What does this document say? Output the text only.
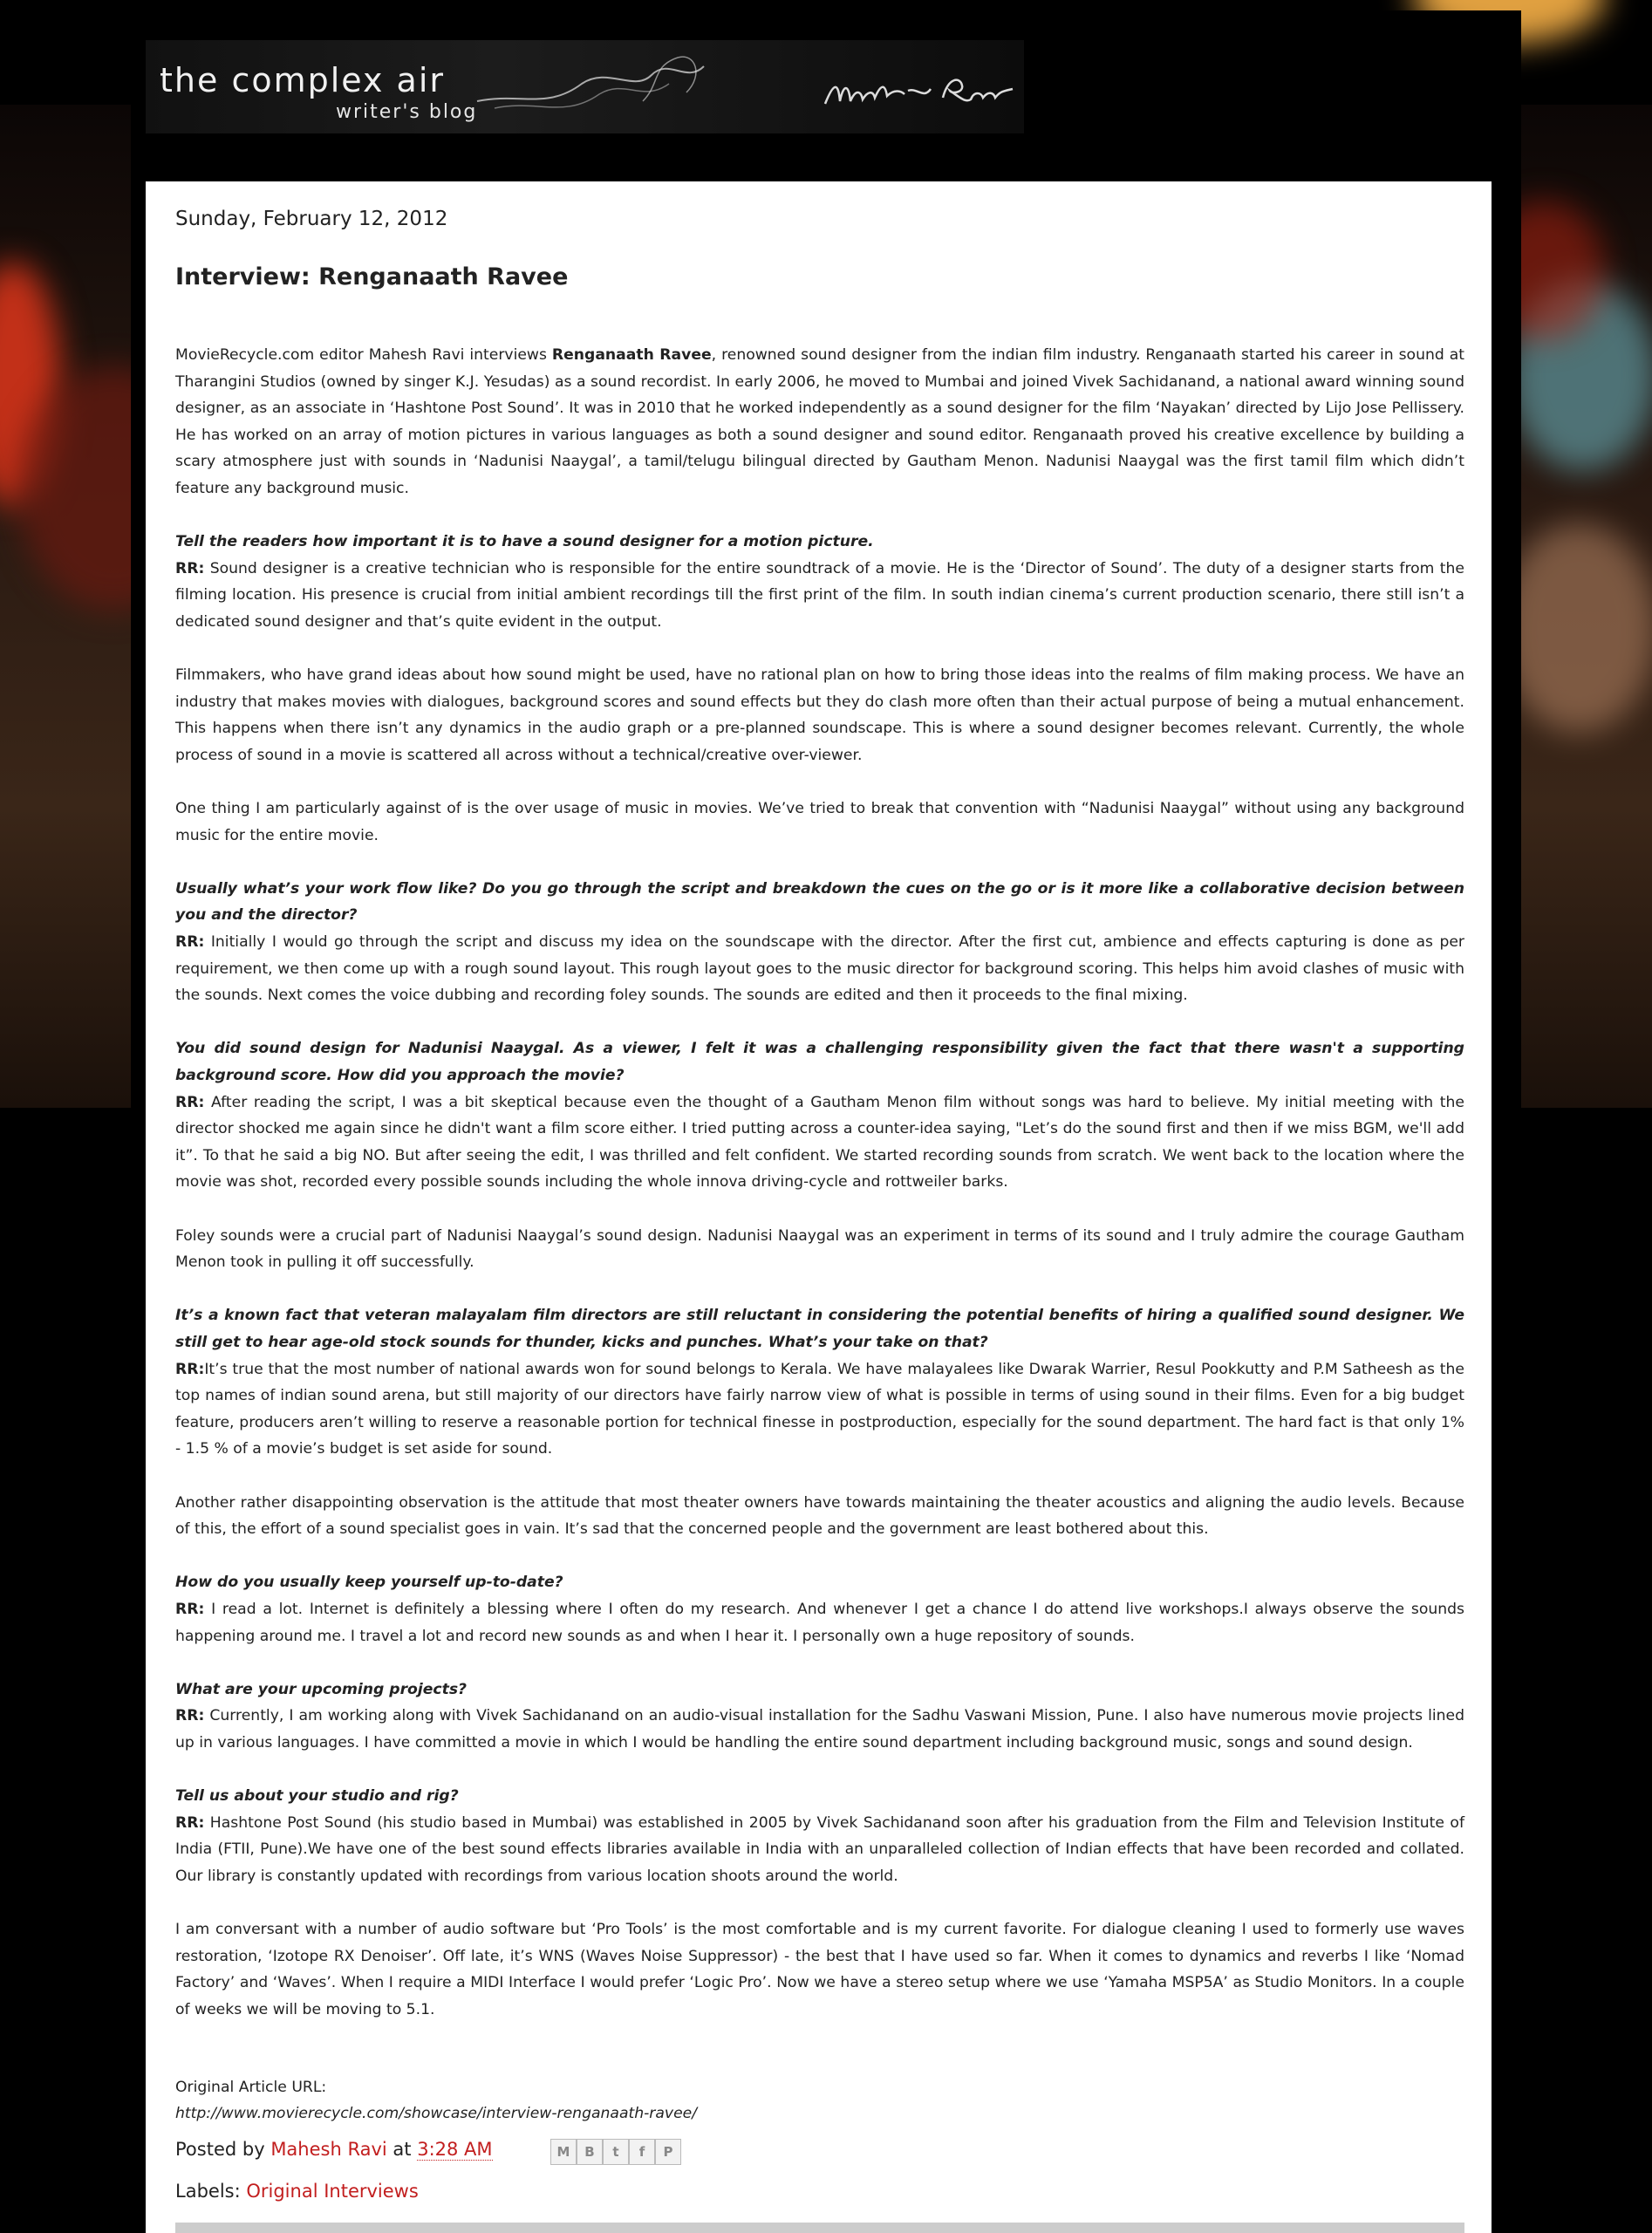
the complex air
writer's blog
Sunday, February 12, 2012
Interview: Renganaath Ravee

MovieRecycle.com editor Mahesh Ravi interviews Renganaath Ravee, renowned sound designer from the indian film industry. Renganaath started his career in sound at Tharangini Studios (owned by singer K.J. Yesudas) as a sound recordist. In early 2006, he moved to Mumbai and joined Vivek Sachidanand, a national award winning sound designer, as an associate in ‘Hashtone Post Sound’. It was in 2010 that he worked independently as a sound designer for the film ‘Nayakan’ directed by Lijo Jose Pellissery. He has worked on an array of motion pictures in various languages as both a sound designer and sound editor. Renganaath proved his creative excellence by building a scary atmosphere just with sounds in ‘Nadunisi Naaygal’, a tamil/telugu bilingual directed by Gautham Menon. Nadunisi Naaygal was the first tamil film which didn’t feature any background music.

Tell the readers how important it is to have a sound designer for a motion picture.
RR: Sound designer is a creative technician who is responsible for the entire soundtrack of a movie. He is the ‘Director of Sound’. The duty of a designer starts from the filming location. His presence is crucial from initial ambient recordings till the first print of the film. In south indian cinema’s current production scenario, there still isn’t a dedicated sound designer and that’s quite evident in the output.

Filmmakers, who have grand ideas about how sound might be used, have no rational plan on how to bring those ideas into the realms of film making process. We have an industry that makes movies with dialogues, background scores and sound effects but they do clash more often than their actual purpose of being a mutual enhancement. This happens when there isn’t any dynamics in the audio graph or a pre-planned soundscape. This is where a sound designer becomes relevant. Currently, the whole process of sound in a movie is scattered all across without a technical/creative over-viewer.

One thing I am particularly against of is the over usage of music in movies. We’ve tried to break that convention with “Nadunisi Naaygal” without using any background music for the entire movie.

Usually what’s your work flow like? Do you go through the script and breakdown the cues on the go or is it more like a collaborative decision between you and the director?
RR: Initially I would go through the script and discuss my idea on the soundscape with the director. After the first cut, ambience and effects capturing is done as per requirement, we then come up with a rough sound layout. This rough layout goes to the music director for background scoring. This helps him avoid clashes of music with the sounds. Next comes the voice dubbing and recording foley sounds. The sounds are edited and then it proceeds to the final mixing.

You did sound design for Nadunisi Naaygal. As a viewer, I felt it was a challenging responsibility given the fact that there wasn't a supporting background score. How did you approach the movie?
RR: After reading the script, I was a bit skeptical because even the thought of a Gautham Menon film without songs was hard to believe. My initial meeting with the director shocked me again since he didn't want a film score either. I tried putting across a counter-idea saying, "Let’s do the sound first and then if we miss BGM, we'll add it”. To that he said a big NO. But after seeing the edit, I was thrilled and felt confident. We started recording sounds from scratch. We went back to the location where the movie was shot, recorded every possible sounds including the whole innova driving-cycle and rottweiler barks.

Foley sounds were a crucial part of Nadunisi Naaygal’s sound design. Nadunisi Naaygal was an experiment in terms of its sound and I truly admire the courage Gautham Menon took in pulling it off successfully.

It’s a known fact that veteran malayalam film directors are still reluctant in considering the potential benefits of hiring a qualified sound designer. We still get to hear age-old stock sounds for thunder, kicks and punches. What’s your take on that?
RR:It’s true that the most number of national awards won for sound belongs to Kerala. We have malayalees like Dwarak Warrier, Resul Pookkutty and P.M Satheesh as the top names of indian sound arena, but still majority of our directors have fairly narrow view of what is possible in terms of using sound in their films. Even for a big budget feature, producers aren’t willing to reserve a reasonable portion for technical finesse in postproduction, especially for the sound department. The hard fact is that only 1% - 1.5 % of a movie’s budget is set aside for sound.

Another rather disappointing observation is the attitude that most theater owners have towards maintaining the theater acoustics and aligning the audio levels. Because of this, the effort of a sound specialist goes in vain. It’s sad that the concerned people and the government are least bothered about this.

How do you usually keep yourself up-to-date?
RR: I read a lot. Internet is definitely a blessing where I often do my research. And whenever I get a chance I do attend live workshops.I always observe the sounds happening around me. I travel a lot and record new sounds as and when I hear it. I personally own a huge repository of sounds.

What are your upcoming projects?
RR: Currently, I am working along with Vivek Sachidanand on an audio-visual installation for the Sadhu Vaswani Mission, Pune. I also have numerous movie projects lined up in various languages. I have committed a movie in which I would be handling the entire sound department including background music, songs and sound design.

Tell us about your studio and rig?
RR: Hashtone Post Sound (his studio based in Mumbai) was established in 2005 by Vivek Sachidanand soon after his graduation from the Film and Television Institute of India (FTII, Pune).We have one of the best sound effects libraries available in India with an unparalleled collection of Indian effects that have been recorded and collated. Our library is constantly updated with recordings from various location shoots around the world.

I am conversant with a number of audio software but ‘Pro Tools’ is the most comfortable and is my current favorite. For dialogue cleaning I used to formerly use waves restoration, ‘Izotope RX Denoiser’. Off late, it’s WNS (Waves Noise Suppressor) - the best that I have used so far. When it comes to dynamics and reverbs I like ‘Nomad Factory’ and ‘Waves’. When I require a MIDI Interface I would prefer ‘Logic Pro’. Now we have a stereo setup where we use ‘Yamaha MSP5A’ as Studio Monitors. In a couple of weeks we will be moving to 5.1.

Original Article URL:
http://www.movierecycle.com/showcase/interview-renganaath-ravee/
Posted by Mahesh Ravi at 3:28 AM	M	B	t	f	P
Labels: Original Interviews
